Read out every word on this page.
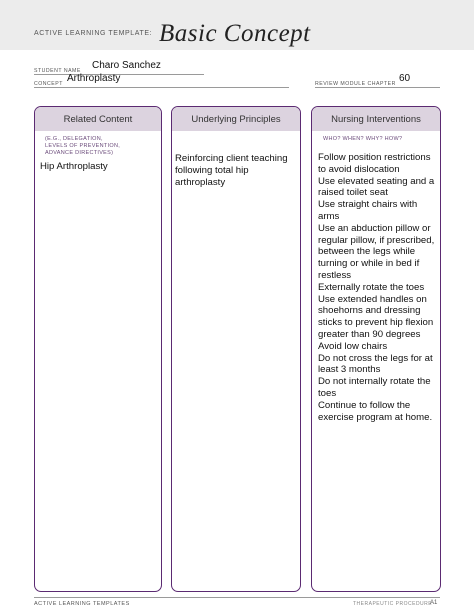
ACTIVE LEARNING TEMPLATE: Basic Concept
STUDENT NAME Charo Sanchez
CONCEPT Arthroplasty	REVIEW MODULE CHAPTER 60
Related Content
(E.G., DELEGATION,
LEVELS OF PREVENTION,
ADVANCE DIRECTIVES)
Hip Arthroplasty
Underlying Principles
Reinforcing client teaching
following total hip arthroplasty
Nursing Interventions
WHO? WHEN? WHY? HOW?
Follow position restrictions
to avoid dislocation
Use elevated seating and a
raised toilet seat
Use straight chairs with
arms
Use an abduction pillow or
regular pillow, if prescribed,
between the legs while
turning or while in bed if
restless
Externally rotate the toes
Use extended handles on
shoehorns and dressing
sticks to prevent hip flexion
greater than 90 degrees
Avoid low chairs
Do not cross the legs for at
least 3 months
Do not internally rotate the
toes
Continue to follow the
exercise program at home.
ACTIVE LEARNING TEMPLATES	THERAPEUTIC PROCEDURE
A1
